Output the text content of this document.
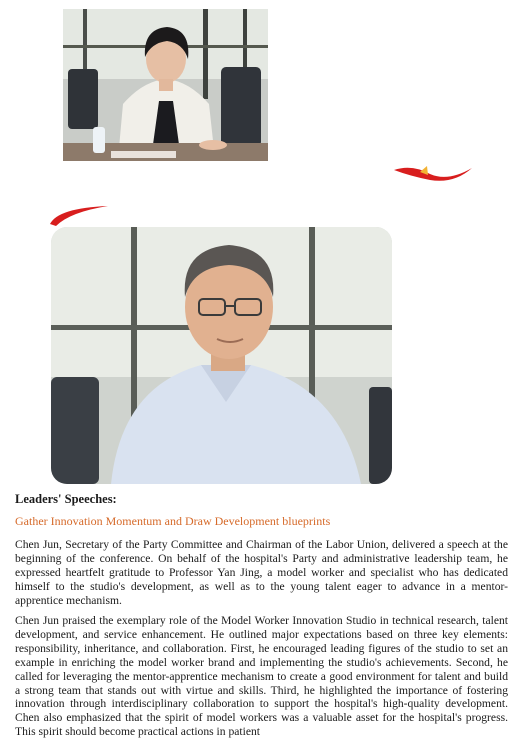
Leaders' Speeches:
Gather Innovation Momentum and Draw Development blueprints

Chen Jun, Secretary of the Party Committee and Chairman of the Labor Union, delivered a speech at the beginning of the conference. On behalf of the hospital's Party and administrative leadership team, he expressed heartfelt gratitude to Professor Yan Jing, a model worker and specialist who has dedicated himself to the studio's development, as well as to the young talent eager to advance in a mentor-apprentice mechanism.

Chen Jun praised the exemplary role of the Model Worker Innovation Studio in technical research, talent development, and service enhancement. He outlined major expectations based on three key elements: responsibility, inheritance, and collaboration. First, he encouraged leading figures of the studio to set an example in enriching the model worker brand and implementing the studio's achievements. Second, he called for leveraging the mentor-apprentice mechanism to create a good environment for talent and build a strong team that stands out with virtue and skills. Third, he highlighted the importance of fostering innovation through interdisciplinary collaboration to support the hospital's high-quality development. Chen also emphasized that the spirit of model workers was a valuable asset for the hospital's progress. This spirit should become practical actions in patient
